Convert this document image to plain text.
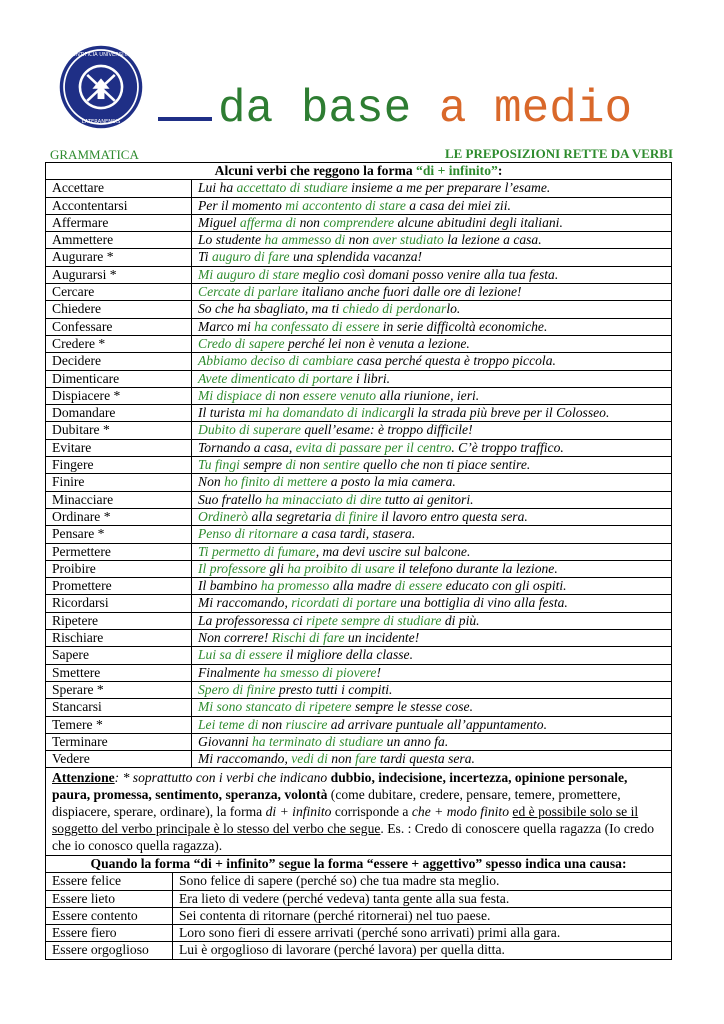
PONTIFICIA UNIVERSITAS
LATERANENSIS	da base a medio
GRAMMATICA	LE PREPOSIZIONI RETTE DA VERBI
Alcuni verbi che reggono la forma “di + infinito”:	
Accettare	Lui ha accettato di studiare insieme a me per preparare l’esame.
Accontentarsi	Per il momento mi accontento di stare a casa dei miei zii.
Affermare	Miguel afferma di non comprendere alcune abitudini degli italiani.
Ammettere	Lo studente ha ammesso di non aver studiato la lezione a casa.
Augurare *	Ti auguro di fare una splendida vacanza!
Augurarsi *	Mi auguro di stare meglio così domani posso venire alla tua festa.
Cercare	Cercate di parlare italiano anche fuori dalle ore di lezione!
Chiedere	So che ha sbagliato, ma ti chiedo di perdonarlo.
Confessare	Marco mi ha confessato di essere in serie difficoltà economiche.
Credere *	Credo di sapere perché lei non è venuta a lezione.
Decidere	Abbiamo deciso di cambiare casa perché questa è troppo piccola.
Dimenticare	Avete dimenticato di portare i libri.
Dispiacere *	Mi dispiace di non essere venuto alla riunione, ieri.
Domandare	Il turista mi ha domandato di indicargli la strada più breve per il Colosseo.
Dubitare *	Dubito di superare quell’esame: è troppo difficile!
Evitare	Tornando a casa, evita di passare per il centro. C’è troppo traffico.
Fingere	Tu fingi sempre di non sentire quello che non ti piace sentire.
Finire	Non ho finito di mettere a posto la mia camera.
Minacciare	Suo fratello ha minacciato di dire tutto ai genitori.
Ordinare *	Ordinerò alla segretaria di finire il lavoro entro questa sera.
Pensare *	Penso di ritornare a casa tardi, stasera.
Permettere	Ti permetto di fumare, ma devi uscire sul balcone.
Proibire	Il professore gli ha proibito di usare il telefono durante la lezione.
Promettere	Il bambino ha promesso alla madre di essere educato con gli ospiti.
Ricordarsi	Mi raccomando, ricordati di portare una bottiglia di vino alla festa.
Ripetere	La professoressa ci ripete sempre di studiare di più.
Rischiare	Non correre! Rischi di fare un incidente!
Sapere	Lui sa di essere il migliore della classe.
Smettere	Finalmente ha smesso di piovere!
Sperare *	Spero di finire presto tutti i compiti.
Stancarsi	Mi sono stancato di ripetere sempre le stesse cose.
Temere *	Lei teme di non riuscire ad arrivare puntuale all’appuntamento.
Terminare	Giovanni ha terminato di studiare un anno fa.
Vedere	Mi raccomando, vedi di non fare tardi questa sera.
Attenzione: * soprattutto con i verbi che indicano dubbio, indecisione, incertezza, opinione personale, paura, promessa, sentimento, speranza, volontà (come dubitare, credere, pensare, temere, promettere, dispiacere, sperare, ordinare), la forma di + infinito corrisponde a che + modo finito ed è possibile solo se il soggetto del verbo principale è lo stesso del verbo che segue. Es. : Credo di conoscere quella ragazza (Io credo che io conosco quella ragazza).	
Quando la forma “di + infinito” segue la forma “essere + aggettivo” spesso indica una causa:	
Essere felice	Sono felice di sapere (perché so) che tua madre sta meglio.
Essere lieto	Era lieto di vedere (perché vedeva) tanta gente alla sua festa.
Essere contento	Sei contenta di ritornare (perché ritornerai) nel tuo paese.
Essere fiero	Loro sono fieri di essere arrivati (perché sono arrivati) primi alla gara.
Essere orgoglioso	Lui è orgoglioso di lavorare (perché lavora) per quella ditta.
